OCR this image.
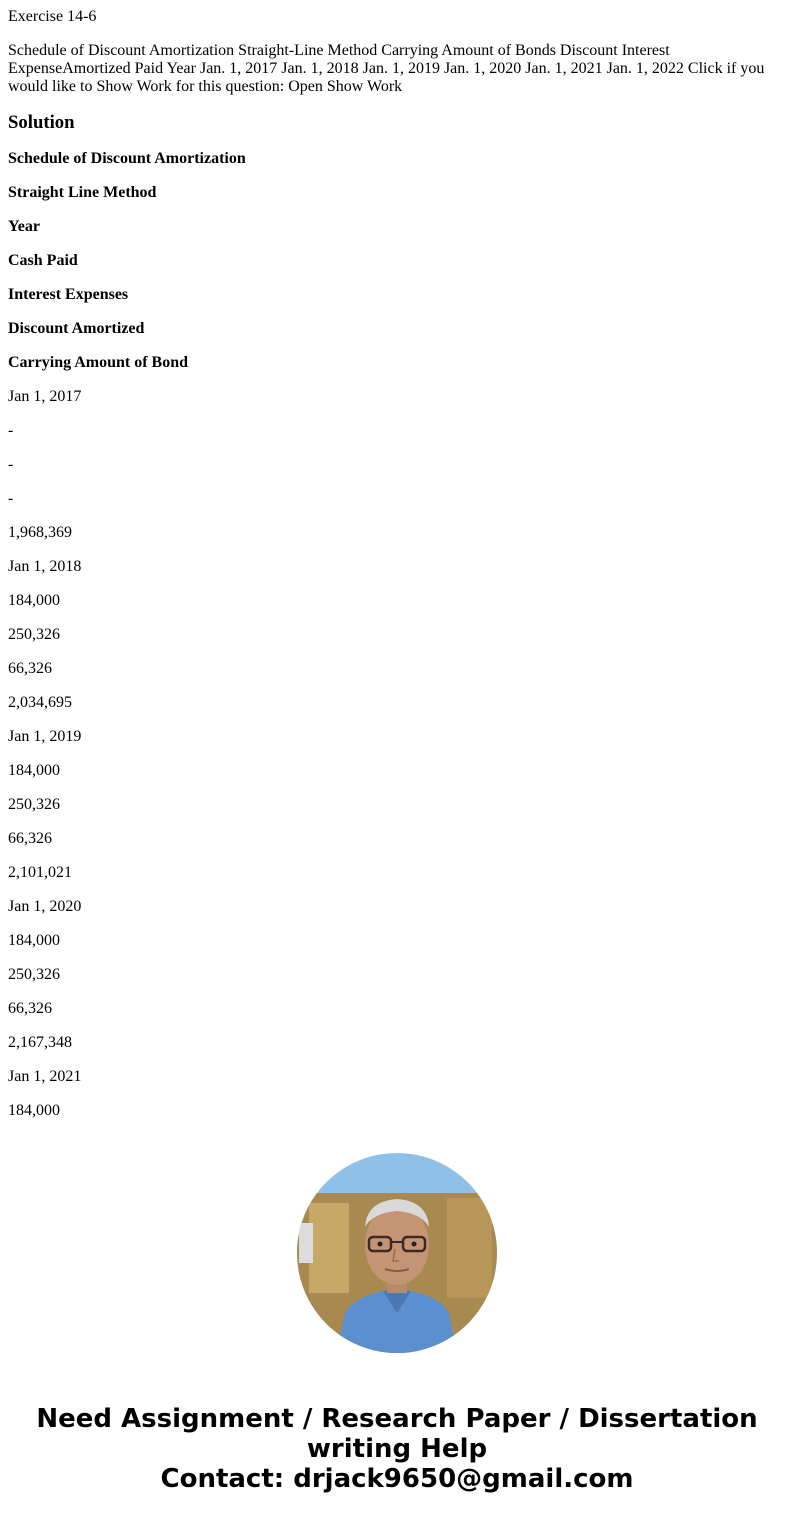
Exercise 14-6
Schedule of Discount Amortization Straight-Line Method Carrying Amount of Bonds Discount Interest ExpenseAmortized Paid Year Jan. 1, 2017 Jan. 1, 2018 Jan. 1, 2019 Jan. 1, 2020 Jan. 1, 2021 Jan. 1, 2022 Click if you would like to Show Work for this question: Open Show Work
Solution
Schedule of Discount Amortization
Straight Line Method
Year
Cash Paid
Interest Expenses
Discount Amortized
Carrying Amount of Bond
Jan 1, 2017
-
-
-
1,968,369
Jan 1, 2018
184,000
250,326
66,326
2,034,695
Jan 1, 2019
184,000
250,326
66,326
2,101,021
Jan 1, 2020
184,000
250,326
66,326
2,167,348
Jan 1, 2021
184,000
Need Assignment / Research Paper / Dissertation
writing Help
Contact: drjack9650@gmail.com
